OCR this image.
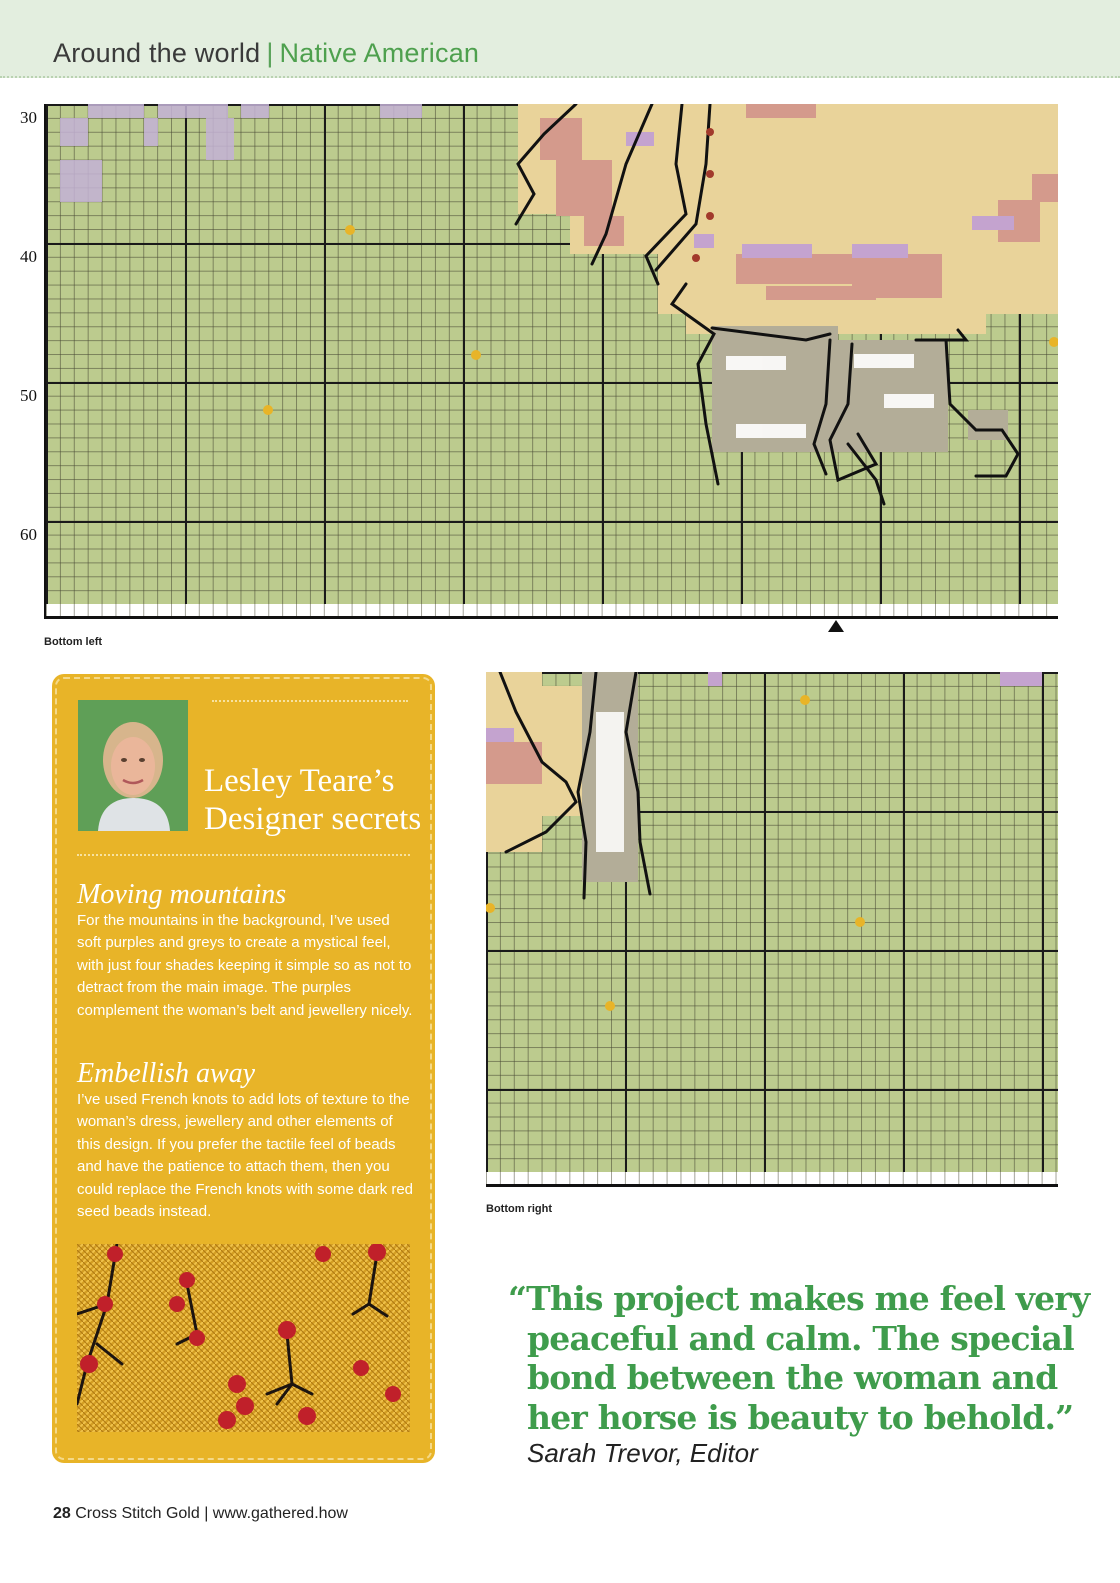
Around the world | Native American
30
40
50
60
Bottom left
Lesley Teare’s
Designer secrets
Moving mountains
For the mountains in the background, I’ve used soft purples and greys to create a mystical feel, with just four shades keeping it simple so as not to detract from the main image. The purples complement the woman’s belt and jewellery nicely.
Embellish away
I’ve used French knots to add lots of texture to the woman’s dress, jewellery and other elements of this design. If you prefer the tactile feel of beads and have the patience to attach them, then you could replace the French knots with some dark red seed beads instead.	Bottom right
“This project makes me feel very
peaceful and calm. The special
bond between the woman and
her horse is beauty to behold.”
Sarah Trevor, Editor
28 Cross Stitch Gold | www.gathered.how
